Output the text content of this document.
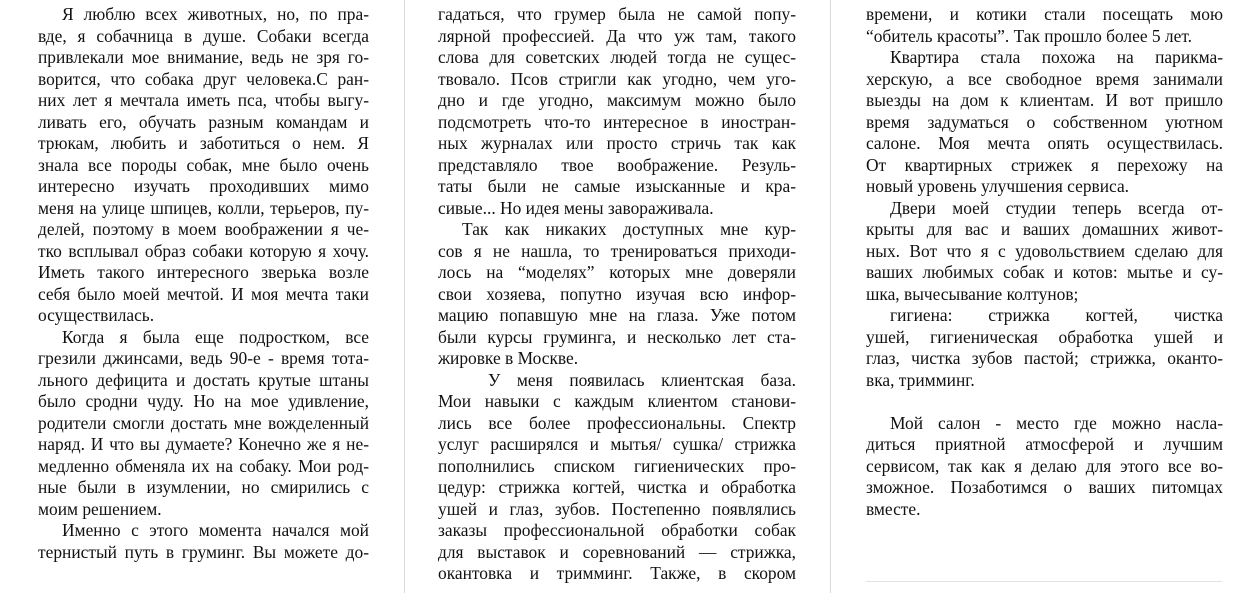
Я люблю всех животных, но, по пра-
вде, я собачница в душе. Собаки всегда
привлекали мое внимание, ведь не зря го-
ворится, что собака друг человека.С ран-
них лет я мечтала иметь пса, чтобы выгу-
ливать его, обучать разным командам и
трюкам, любить и заботиться о нем. Я
знала все породы собак, мне было очень
интересно изучать проходивших мимо
меня на улице шпицев, колли, терьеров, пу-
делей, поэтому в моем воображении я че-
тко всплывал образ собаки которую я хочу.
Иметь такого интересного зверька возле
себя было моей мечтой. И моя мечта таки
осуществилась.
Когда я была еще подростком, все
грезили джинсами, ведь 90-е - время тота-
льного дефицита и достать крутые штаны
было сродни чуду. Но на мое удивление,
родители смогли достать мне вожделенный
наряд. И что вы думаете? Конечно же я не-
медленно обменяла их на собаку. Мои род-
ные были в изумлении, но смирились с
моим решением.
Именно с этого момента начался мой
тернистый путь в груминг. Вы можете до-
гадаться, что грумер была не самой попу-
лярной профессией. Да что уж там, такого
слова для советских людей тогда не сущес-
твовало. Псов стригли как угодно, чем уго-
дно и где угодно, максимум можно было
подсмотреть что-то интересное в иностран-
ных журналах или просто стричь так как
представляло твое воображение. Резуль-
таты были не самые изысканные и кра-
сивые... Но идея мены завораживала.
Так как никаких доступных мне кур-
сов я не нашла, то тренироваться приходи-
лось на “моделях” которых мне доверяли
свои хозяева, попутно изучая всю инфор-
мацию попавшую мне на глаза. Уже потом
были курсы груминга, и несколько лет ста-
жировке в Москве.
У меня появилась клиентская база.
Мои навыки с каждым клиентом станови-
лись все более профессиональны. Спектр
услуг расширялся и мытья/ сушка/ стрижка
пополнились списком гигиенических про-
цедур: стрижка когтей, чистка и обработка
ушей и глаз, зубов. Постепенно появлялись
заказы профессиональной обработки собак
для выставок и соревнований — стрижка,
окантовка и тримминг. Также, в скором
времени, и котики стали посещать мою
“обитель красоты”. Так прошло более 5 лет.
Квартира стала похожа на парикма-
херскую, а все свободное время занимали
выезды на дом к клиентам. И вот пришло
время задуматься о собственном уютном
салоне. Моя мечта опять осуществилась.
От квартирных стрижек я перехожу на
новый уровень улучшения сервиса.
Двери моей студии теперь всегда от-
крыты для вас и ваших домашних живот-
ных. Вот что я с удовольствием сделаю для
ваших любимых собак и котов: мытье и су-
шка, вычесывание колтунов;
гигиена: стрижка когтей, чистка
ушей, гигиеническая обработка ушей и
глаз, чистка зубов пастой; стрижка, оканто-
вка, тримминг.
Мой салон - место где можно насла-
диться приятной атмосферой и лучшим
сервисом, так как я делаю для этого все во-
зможное. Позаботимся о ваших питомцах
вместе.
